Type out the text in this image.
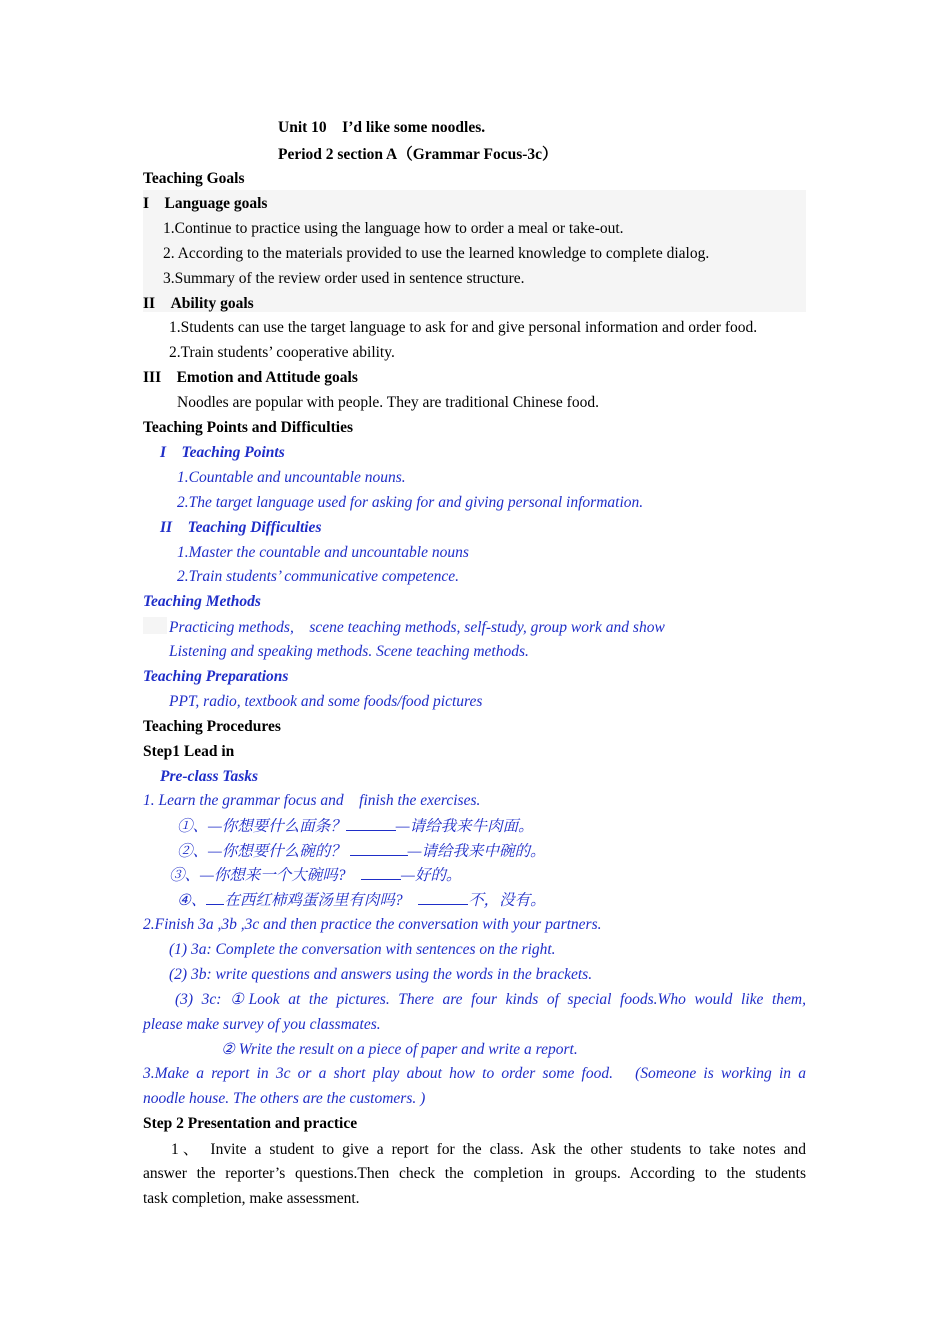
Unit 10　I’d like some noodles.
Period 2 section A（Grammar Focus-3c）
Teaching Goals
I　Language goals
1.Continue to practice using the language how to order a meal or take-out.
2. According to the materials provided to use the learned knowledge to complete dialog.
3.Summary of the review order used in sentence structure.
II　Ability goals
1.Students can use the target language to ask for and give personal information and order food.
2.Train students’ cooperative ability.
III　Emotion and Attitude goals
Noodles are popular with people. They are traditional Chinese food.
Teaching Points and Difficulties
I　Teaching Points
1.Countable and uncountable nouns.
2.The target language used for asking for and giving personal information.
II　Teaching Difficulties
1.Master the countable and uncountable nouns
2.Train students’ communicative competence.
Teaching Methods
Practicing methods,　scene teaching methods, self-study, group work and show
Listening and speaking methods. Scene teaching methods.
Teaching Preparations
PPT, radio, textbook and some foods/food pictures
Teaching Procedures
Step1 Lead in
Pre-class Tasks
1. Learn the grammar focus and　finish the exercises.
①、—你想要什么面条？	—请给我来牛肉面。
②、—你想要什么碗的？	—请给我来中碗的。
③、—你想来一个大碗吗?　	—好的。
④、 在西红柿鸡蛋汤里有肉吗?　	不，没有。
2.Finish 3a ,3b ,3c and then practice the conversation with your partners.
(1) 3a: Complete the conversation with sentences on the right.
(2) 3b: write questions and answers using the words in the brackets.
(3) 3c: ①Look at the pictures. There are four kinds of special foods.Who would like them,
please make survey of you classmates.
② Write the result on a piece of paper and write a report.
3.Make a report in 3c or a short play about how to order some food.　(Someone is working in a
noodle house. The others are the customers. )
Step 2 Presentation and practice
1、 Invite a student to give a report for the class. Ask the other students to take notes and
answer the reporter’s questions.Then check the completion in groups. According to the students
task completion, make assessment.
